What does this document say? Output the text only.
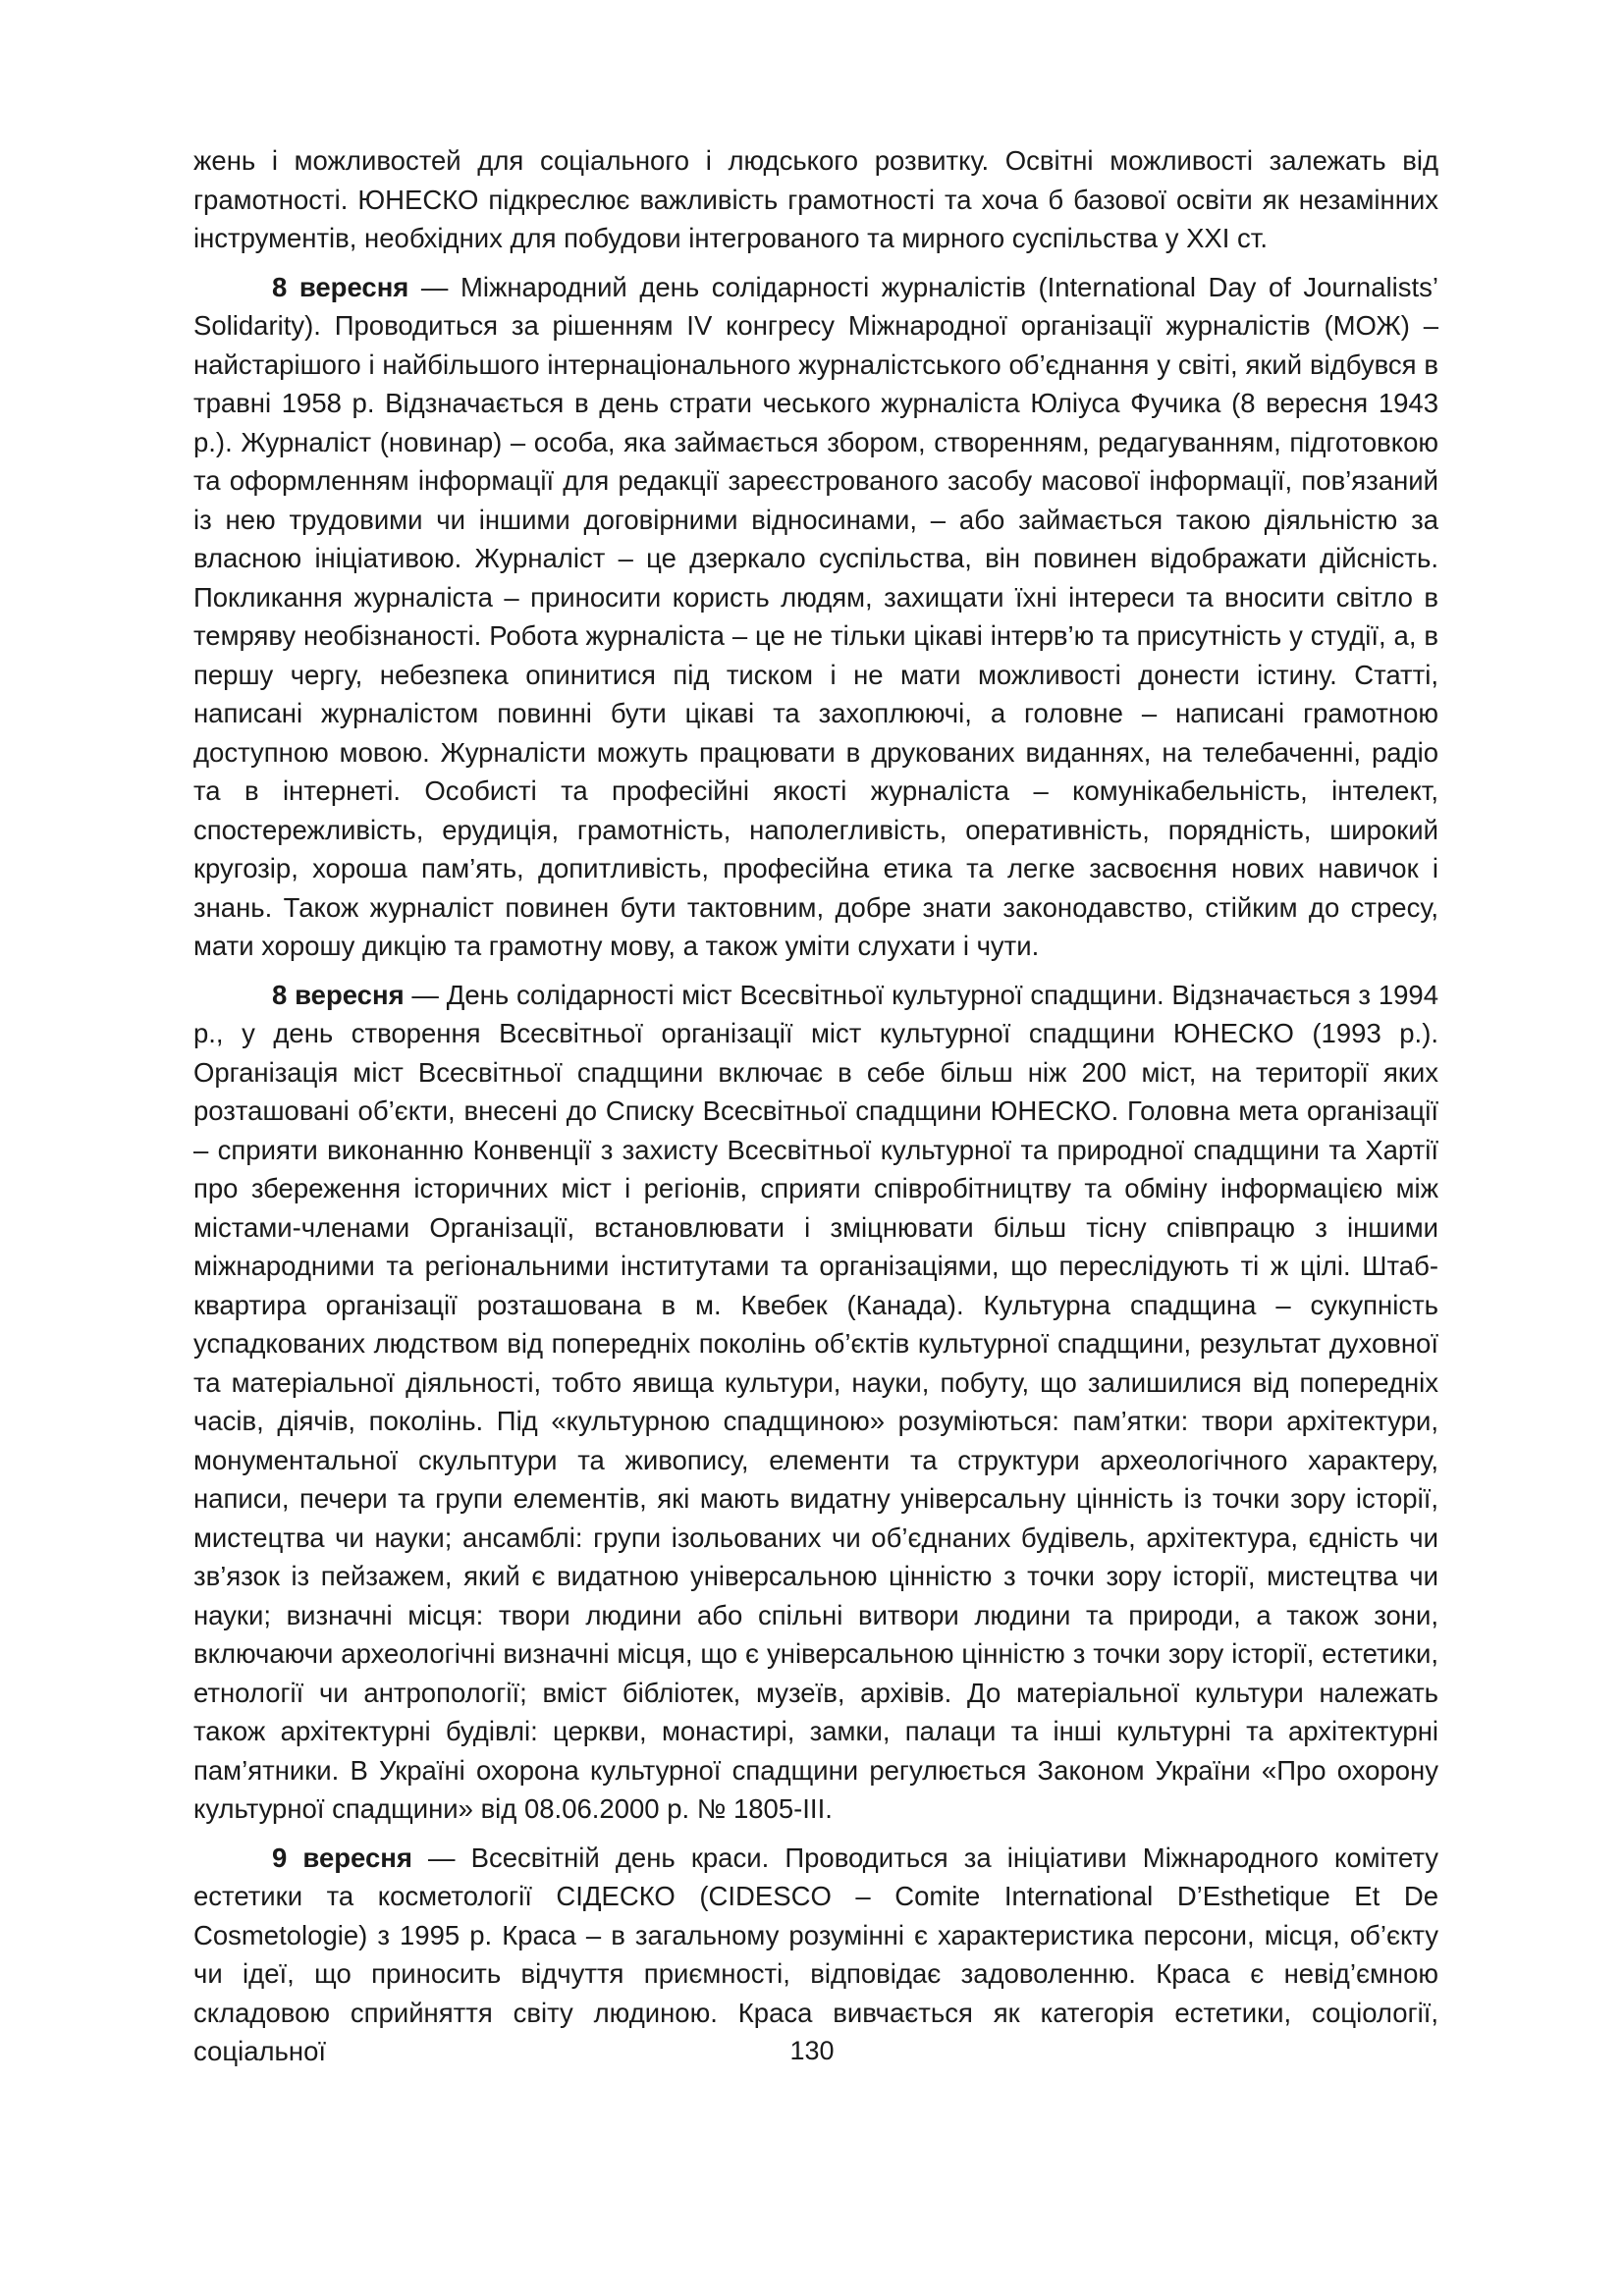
жень і можливостей для соціального і людського розвитку. Освітні можливості залежать від грамотності. ЮНЕСКО підкреслює важливість грамотності та хоча б базової освіти як незамінних інструментів, необхідних для побудови інтегрованого та мирного суспільства у XXI ст.

8 вересня — Міжнародний день солідарності журналістів (International Day of Journalists’ Solidarity). Проводиться за рішенням IV конгресу Міжнародної організації журналістів (МОЖ) – найстарішого і найбільшого інтернаціонального журналістського об’єднання у світі, який відбувся в травні 1958 р. Відзначається в день страти чеського журналіста Юліуса Фучика (8 вересня 1943 р.). Журналіст (новинар) – особа, яка займається збором, створенням, редагуванням, підготовкою та оформленням інформації для редакції зареєстрованого засобу масової інформації, пов’язаний із нею трудовими чи іншими договірними відносинами, – або займається такою діяльністю за власною ініціативою. Журналіст – це дзеркало суспільства, він повинен відображати дійсність. Покликання журналіста – приносити користь людям, захищати їхні інтереси та вносити світло в темряву необізнаності. Робота журналіста – це не тільки цікаві інтерв’ю та присутність у студії, а, в першу чергу, небезпека опинитися під тиском і не мати можливості донести істину. Статті, написані журналістом повинні бути цікаві та захоплюючі, а головне – написані грамотною доступною мовою. Журналісти можуть працювати в друкованих виданнях, на телебаченні, радіо та в інтернеті. Особисті та професійні якості журналіста – комунікабельність, інтелект, спостережливість, ерудиція, грамотність, наполегливість, оперативність, порядність, широкий кругозір, хороша пам’ять, допитливість, професійна етика та легке засвоєння нових навичок і знань. Також журналіст повинен бути тактовним, добре знати законодавство, стійким до стресу, мати хорошу дикцію та грамотну мову, а також уміти слухати і чути.

8 вересня — День солідарності міст Всесвітньої культурної спадщини. Відзначається з 1994 р., у день створення Всесвітньої організації міст культурної спадщини ЮНЕСКО (1993 р.). Організація міст Всесвітньої спадщини включає в себе більш ніж 200 міст, на території яких розташовані об’єкти, внесені до Списку Всесвітньої спадщини ЮНЕСКО. Головна мета організації – сприяти виконанню Конвенції з захисту Всесвітньої культурної та природної спадщини та Хартії про збереження історичних міст і регіонів, сприяти співробітництву та обміну інформацією між містами-членами Організації, встановлювати і зміцнювати більш тісну співпрацю з іншими міжнародними та регіональними інститутами та організаціями, що переслідують ті ж цілі. Штаб-квартира організації розташована в м. Квебек (Канада). Культурна спадщина – сукупність успадкованих людством від попередніх поколінь об’єктів культурної спадщини, результат духовної та матеріальної діяльності, тобто явища культури, науки, побуту, що залишилися від попередніх часів, діячів, поколінь. Під «культурною спадщиною» розуміються: пам’ятки: твори архітектури, монументальної скульптури та живопису, елементи та структури археологічного характеру, написи, печери та групи елементів, які мають видатну універсальну цінність із точки зору історії, мистецтва чи науки; ансамблі: групи ізольованих чи об’єднаних будівель, архітектура, єдність чи зв’язок із пейзажем, який є видатною універсальною цінністю з точки зору історії, мистецтва чи науки; визначні місця: твори людини або спільні витвори людини та природи, а також зони, включаючи археологічні визначні місця, що є універсальною цінністю з точки зору історії, естетики, етнології чи антропології; вміст бібліотек, музеїв, архівів. До матеріальної культури належать також архітектурні будівлі: церкви, монастирі, замки, палаци та інші культурні та архітектурні пам’ятники. В Україні охорона культурної спадщини регулюється Законом України «Про охорону культурної спадщини» від 08.06.2000 р. № 1805-III.

9 вересня — Всесвітній день краси. Проводиться за ініціативи Міжнародного комітету естетики та косметології СІДЕСКО (CIDESCO – Comite International D’Esthetique Et De Cosmetologie) з 1995 р. Краса – в загальному розумінні є характеристика персони, місця, об’єкту чи ідеї, що приносить відчуття приємності, відповідає задоволенню. Краса є невід’ємною складовою сприйняття світу людиною. Краса вивчається як категорія естетики, соціології, соціальної	130
